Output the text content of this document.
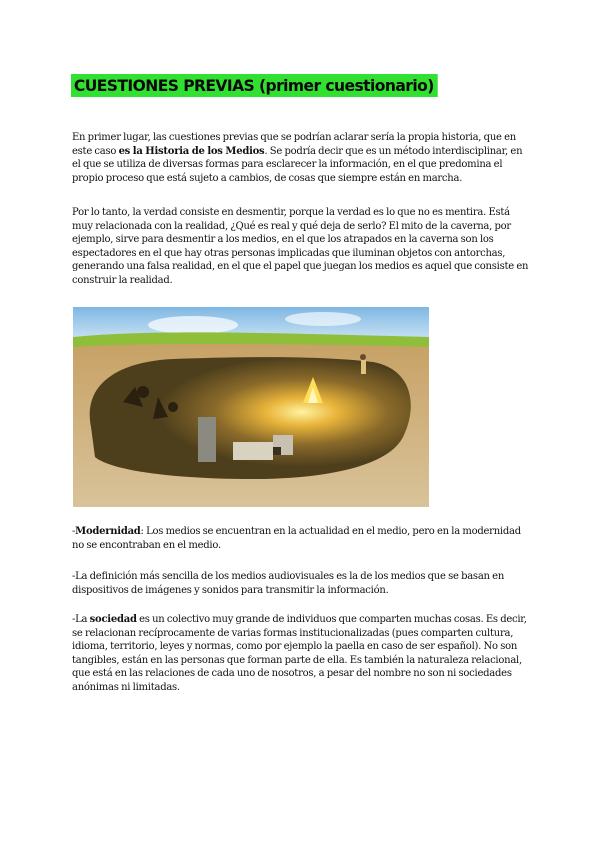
CUESTIONES PREVIAS (primer cuestionario)

En primer lugar, las cuestiones previas que se podrían aclarar sería la propia historia, que en este caso es la Historia de los Medios. Se podría decir que es un método interdisciplinar, en el que se utiliza de diversas formas para esclarecer la información, en el que predomina el propio proceso que está sujeto a cambios, de cosas que siempre están en marcha.

Por lo tanto, la verdad consiste en desmentir, porque la verdad es lo que no es mentira. Está muy relacionada con la realidad, ¿Qué es real y qué deja de serlo? El mito de la caverna, por ejemplo, sirve para desmentir a los medios, en el que los atrapados en la caverna son los espectadores en el que hay otras personas implicadas que iluminan objetos con antorchas, generando una falsa realidad, en el que el papel que juegan los medios es aquel que consiste en construir la realidad.

-Modernidad: Los medios se encuentran en la actualidad en el medio, pero en la modernidad no se encontraban en el medio.

-La definición más sencilla de los medios audiovisuales es la de los medios que se basan en dispositivos de imágenes y sonidos para transmitir la información.

-La sociedad es un colectivo muy grande de individuos que comparten muchas cosas. Es decir, se relacionan recíprocamente de varias formas institucionalizadas (pues comparten cultura, idioma, territorio, leyes y normas, como por ejemplo la paella en caso de ser español). No son tangibles, están en las personas que forman parte de ella. Es también la naturaleza relacional, que está en las relaciones de cada uno de nosotros, a pesar del nombre no son ni sociedades anónimas ni limitadas.
